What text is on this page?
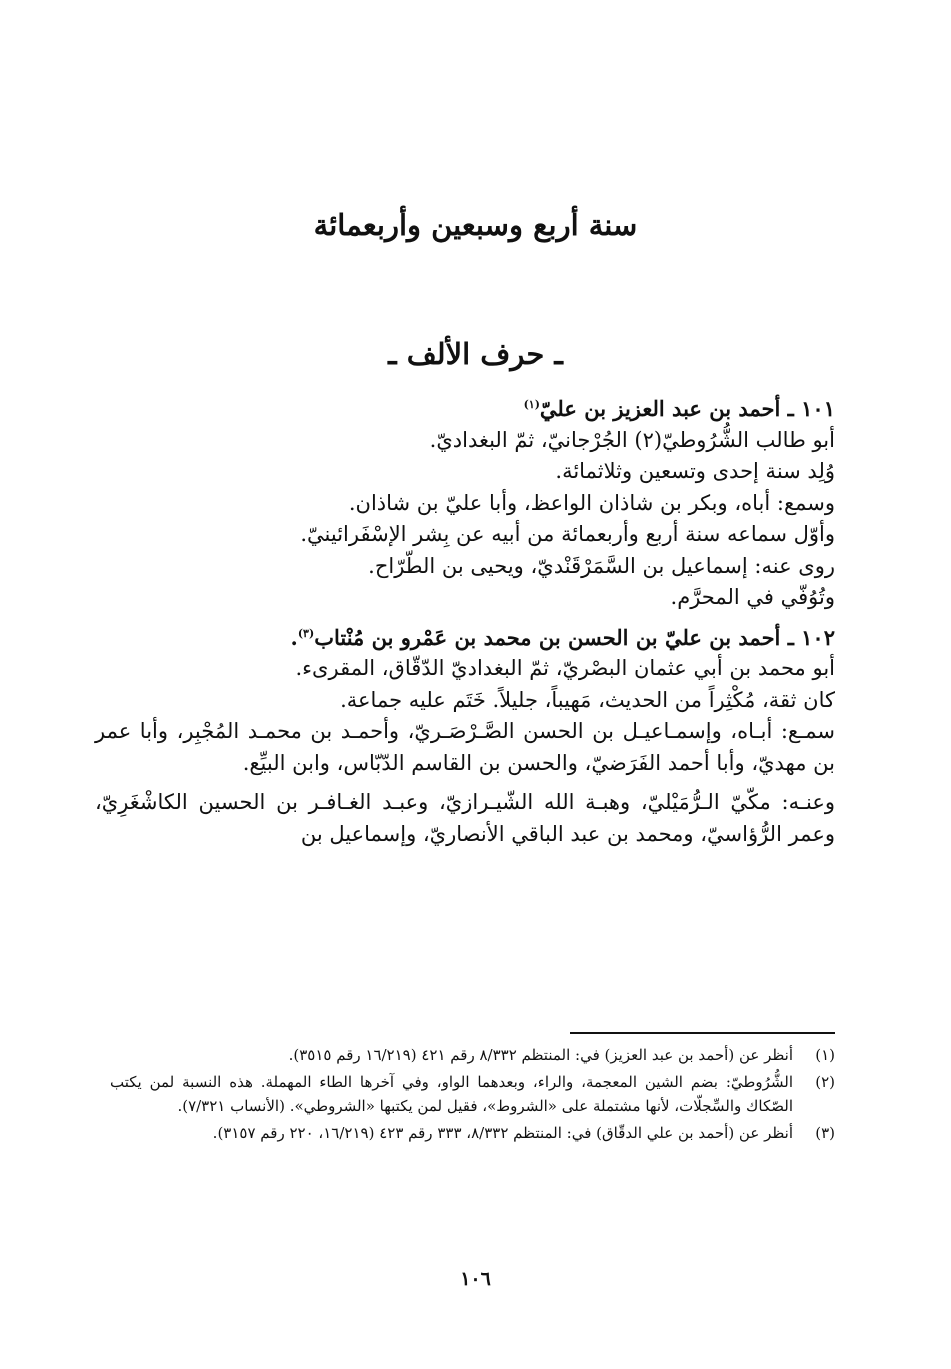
سنة أربع وسبعين وأربعمائة
ـ حرف الألف ـ

١٠١ ـ أحمد بن عبد العزيز بن عليّ$^{(١)}$

أبو طالب الشُّرُوطيّ(٢) الجُرْجانيّ، ثمّ البغداديّ.

وُلِد سنة إحدى وتسعين وثلاثمائة.

وسمع: أباه، وبكر بن شاذان الواعظ، وأبا عليّ بن شاذان.

وأوّل سماعه سنة أربع وأربعمائة من أبيه عن بِشر الإسْفَرائينيّ.

روى عنه: إسماعيل بن السَّمَرْقَنْديّ، ويحيى بن الطّرّاح.

وتُوُفّي في المحرَّم.

١٠٢ ـ أحمد بن عليّ بن الحسن بن محمد بن عَمْرو بن مُنْتاب$^{(٣)}$.

أبو محمد بن أبي عثمان البصْريّ، ثمّ البغداديّ الدّقّاق، المقرىء.

كان ثقة، مُكْثِراً من الحديث، مَهيباً، جليلاً. خَتَم عليه جماعة.

سمـع: أبـاه، وإسمـاعيـل بن الحسن الصَّـرْصَـريّ، وأحمـد بن محمـد المُجْبِر، وأبا عمر بن مهديّ، وأبا أحمد الفَرَضيّ، والحسن بن القاسم الدّبّاس، وابن البيِّع.

وعنـه: مكّيّ الـرُّمَيْليّ، وهبـة الله الشّيـرازيّ، وعبـد الغـافـر بن الحسين الكاشْغَرِيّ، وعمر الرُّؤاسيّ، ومحمد بن عبد الباقي الأنصاريّ، وإسماعيل بن

(١)
أنظر عن (أحمد بن عبد العزيز) في: المنتظم ٨/٣٣٢ رقم ٤٢١ (١٦/٢١٩ رقم ٣٥١٥).
(٢)
الشُّرُوطيّ: بضم الشين المعجمة، والراء، وبعدهما الواو، وفي آخرها الطاء المهملة. هذه النسبة لمن يكتب الصّكاك والسِّجلّات، لأنها مشتملة على «الشروط»، فقيل لمن يكتبها «الشروطي». (الأنساب ٧/٣٢١).
(٣)
أنظر عن (أحمد بن علي الدقّاق) في: المنتظم ٨/٣٣٢، ٣٣٣ رقم ٤٢٣ (١٦/٢١٩، ٢٢٠ رقم ٣١٥٧).
١٠٦
